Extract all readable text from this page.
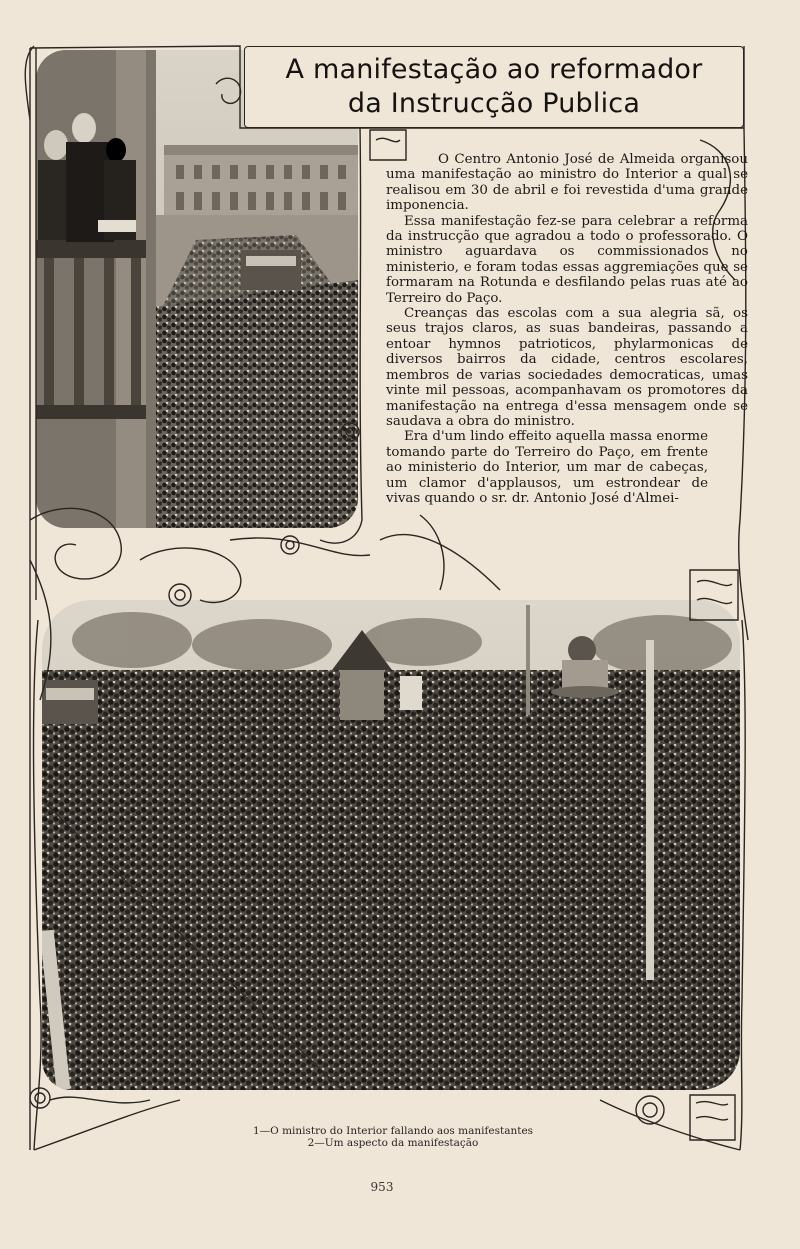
A manifestação ao reformador
da Instrucção Publica

O Centro Antonio José de Almeida organisou uma manifestação ao ministro do Interior a qual se realisou em 30 de abril e foi revestida d'uma grande imponencia.

Essa manifestação fez-se para celebrar a reforma da instrucção que agradou a todo o professorado. O ministro aguardava os commissionados no ministerio, e foram todas essas aggremiações que se formaram na Rotunda e desfilando pelas ruas até ao Terreiro do Paço.

Creanças das escolas com a sua alegria sã, os seus trajos claros, as suas bandeiras, passando a entoar hymnos patrioticos, phylarmonicas de diversos bairros da cidade, centros escolares, membros de varias sociedades democraticas, umas vinte mil pessoas, acompanhavam os promotores da manifestação na entrega d'essa mensagem onde se saudava a obra do ministro.

Era d'um lindo effeito aquella massa enorme tomando parte do Terreiro do Paço, em frente ao ministerio do Interior, um mar de cabeças, um clamor d'applausos, um estrondear de vivas quando o sr. dr. Antonio José d'Almei-

1—O ministro do Interior fallando aos manifestantes
2—Um aspecto da manifestação
953
